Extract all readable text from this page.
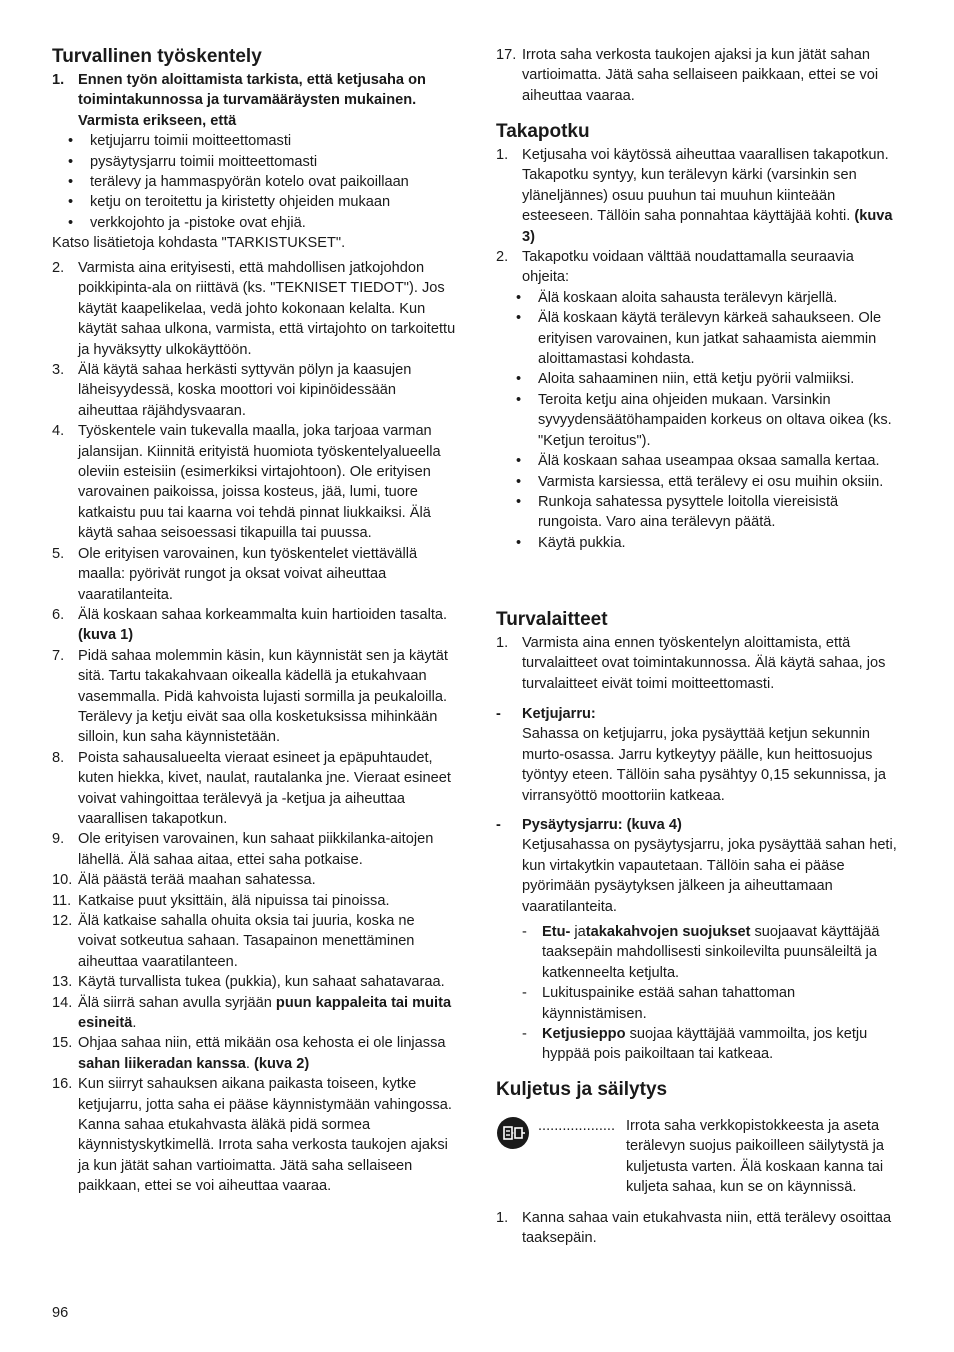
Turvallinen työskentely
1. Ennen työn aloittamista tarkista, että ketjusaha on toimintakunnossa ja turvamääräysten mukainen. Varmista erikseen, että
•	ketjujarru toimii moitteettomasti
•	pysäytysjarru toimii moitteettomasti
•	terälevy ja hammaspyörän kotelo ovat paikoillaan
•	ketju on teroitettu ja kiristetty ohjeiden mukaan
•	verkkojohto ja -pistoke ovat ehjiä.
Katso lisätietoja kohdasta "TARKISTUKSET".
2. Varmista aina erityisesti, että mahdollisen jatkojohdon poikkipinta-ala on riittävä (ks. "TEKNISET TIEDOT"). Jos käytät kaapelikelaa, vedä johto kokonaan kelalta. Kun käytät sahaa ulkona, varmista, että virtajohto on tarkoitettu ja hyväksytty ulkokäyttöön.
3. Älä käytä sahaa herkästi syttyvän pölyn ja kaasujen läheisyydessä, koska moottori voi kipinöidessään aiheuttaa räjähdysvaaran.
4. Työskentele vain tukevalla maalla, joka tarjoaa varman jalansijan. Kiinnitä erityistä huomiota työskentelyalueella oleviin esteisiin (esimerkiksi virtajohtoon). Ole erityisen varovainen paikoissa, joissa kosteus, jää, lumi, tuore katkaistu puu tai kaarna voi tehdä pinnat liukkaiksi. Älä käytä sahaa seisoessasi tikapuilla tai puussa.
5. Ole erityisen varovainen, kun työskentelet viettävällä maalla: pyörivät rungot ja oksat voivat aiheuttaa vaaratilanteita.
6. Älä koskaan sahaa korkeammalta kuin hartioiden tasalta. (kuva 1)
7. Pidä sahaa molemmin käsin, kun käynnistät sen ja käytät sitä. Tartu takakahvaan oikealla kädellä ja etukahvaan vasemmalla. Pidä kahvoista lujasti sormilla ja peukaloilla. Terälevy ja ketju eivät saa olla kosketuksissa mihinkään silloin, kun saha käynnistetään.
8. Poista sahausalueelta vieraat esineet ja epäpuhtaudet, kuten hiekka, kivet, naulat, rautalanka jne. Vieraat esineet voivat vahingoittaa terälevyä ja -ketjua ja aiheuttaa vaarallisen takapotkun.
9. Ole erityisen varovainen, kun sahaat piikkilanka-aitojen lähellä. Älä sahaa aitaa, ettei saha potkaise.
10. Älä päästä terää maahan sahatessa.
11. Katkaise puut yksittäin, älä nipuissa tai pinoissa.
12. Älä katkaise sahalla ohuita oksia tai juuria, koska ne voivat sotkeutua sahaan. Tasapainon menettäminen aiheuttaa vaaratilanteen.
13. Käytä turvallista tukea (pukkia), kun sahaat sahatavaraa.
14. Älä siirrä sahan avulla syrjään puun kappaleita tai muita esineitä.
15. Ohjaa sahaa niin, että mikään osa kehosta ei ole linjassa sahan liikeradan kanssa. (kuva 2)
16. Kun siirryt sahauksen aikana paikasta toiseen, kytke ketjujarru, jotta saha ei pääse käynnistymään vahingossa. Kanna sahaa etukahvasta äläkä pidä sormea käynnistyskytkimellä. Irrota saha verkosta taukojen ajaksi ja kun jätät sahan vartioimatta. Jätä saha sellaiseen paikkaan, ettei se voi aiheuttaa vaaraa.
17. Irrota saha verkosta taukojen ajaksi ja kun jätät sahan vartioimatta. Jätä saha sellaiseen paikkaan, ettei se voi aiheuttaa vaaraa.
Takapotku
1. Ketjusaha voi käytössä aiheuttaa vaarallisen takapotkun. Takapotku syntyy, kun terälevyn kärki (varsinkin sen yläneljännes) osuu puuhun tai muuhun kiinteään esteeseen. Tällöin saha ponnahtaa käyttäjää kohti. (kuva 3)
2. Takapotku voidaan välttää noudattamalla seuraavia ohjeita:
•	Älä koskaan aloita sahausta terälevyn kärjellä.
•	Älä koskaan käytä terälevyn kärkeä sahaukseen. Ole erityisen varovainen, kun jatkat sahaamista aiemmin aloittamastasi kohdasta.
•	Aloita sahaaminen niin, että ketju pyörii valmiiksi.
•	Teroita ketju aina ohjeiden mukaan. Varsinkin syvyydensäätöhampaiden korkeus on oltava oikea (ks. "Ketjun teroitus").
•	Älä koskaan sahaa useampaa oksaa samalla kertaa.
•	Varmista karsiessa, että terälevy ei osu muihin oksiin.
•	Runkoja sahatessa pysyttele loitolla viereisistä rungoista. Varo aina terälevyn päätä.
•	Käytä pukkia.
Turvalaitteet
1. Varmista aina ennen työskentelyn aloittamista, että turvalaitteet ovat toimintakunnossa. Älä käytä sahaa, jos turvalaitteet eivät toimi moitteettomasti.
-	Ketjujarru:
Sahassa on ketjujarru, joka pysäyttää ketjun sekunnin murto-osassa. Jarru kytkeytyy päälle, kun heittosuojus työntyy eteen. Tällöin saha pysähtyy 0,15 sekunnissa, ja virransyöttö moottoriin katkeaa.
-	Pysäytysjarru: (kuva 4)
Ketjusahassa on pysäytysjarru, joka pysäyttää sahan heti, kun virtakytkin vapautetaan. Tällöin saha ei pääse pyörimään pysäytyksen jälkeen ja aiheuttamaan vaaratilanteita.
-	Etu- jatakakahvojen suojukset suojaavat käyttäjää taaksepäin mahdollisesti sinkoilevilta puunsäleiltä ja katkenneelta ketjulta.
-	Lukituspainike estää sahan tahattoman käynnistämisen.
-	Ketjusieppo suojaa käyttäjää vammoilta, jos ketju hyppää pois paikoiltaan tai katkeaa.
Kuljetus ja säilytys
................... Irrota saha verkkopistokkeesta ja aseta terälevyn suojus paikoilleen säilytystä ja kuljetusta varten. Älä koskaan kanna tai kuljeta sahaa, kun se on käynnissä.
1. Kanna sahaa vain etukahvasta niin, että terälevy osoittaa taaksepäin.
96
